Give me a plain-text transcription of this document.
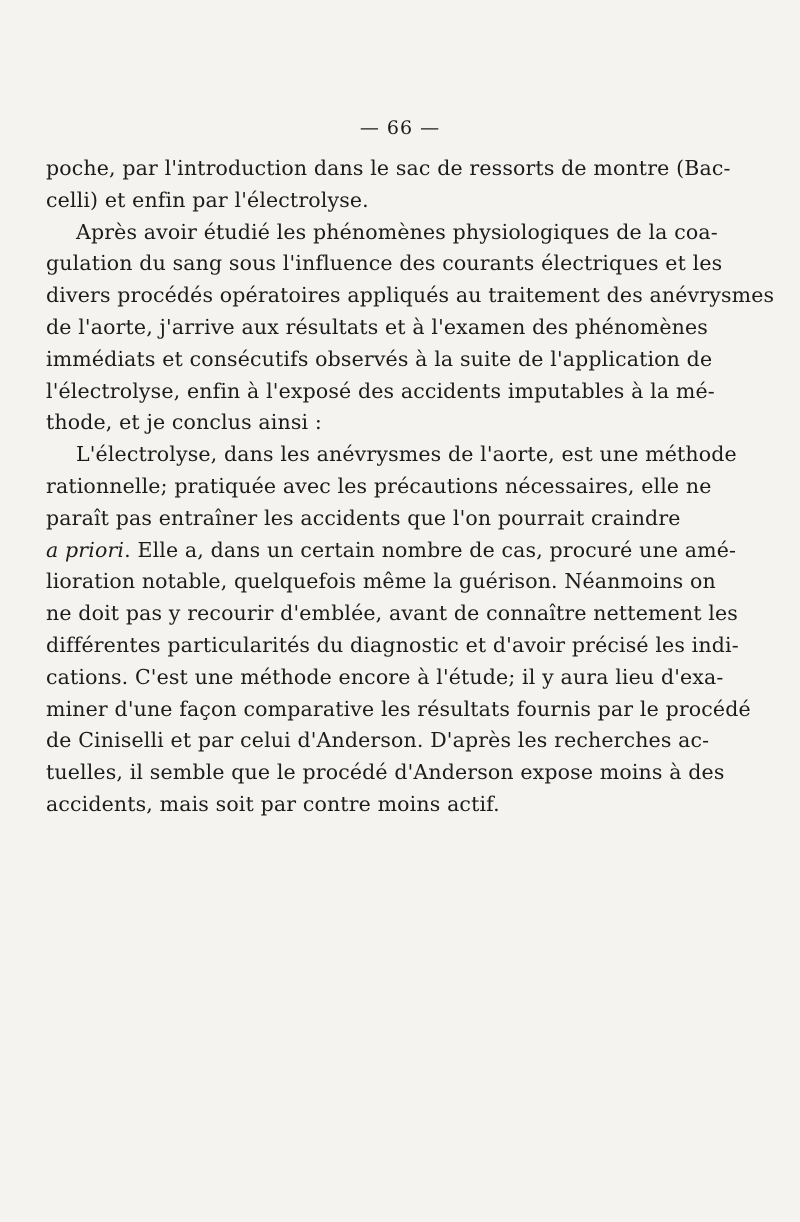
— 66 —
poche, par l'introduction dans le sac de ressorts de montre (Bac-
celli) et enfin par l'électrolyse.
Après avoir étudié les phénomènes physiologiques de la coa-
gulation du sang sous l'influence des courants électriques et les
divers procédés opératoires appliqués au traitement des anévrysmes
de l'aorte, j'arrive aux résultats et à l'examen des phénomènes
immédiats et consécutifs observés à la suite de l'application de
l'électrolyse, enfin à l'exposé des accidents imputables à la mé-
thode, et je conclus ainsi :
L'électrolyse, dans les anévrysmes de l'aorte, est une méthode
rationnelle; pratiquée avec les précautions nécessaires, elle ne
paraît pas entraîner les accidents que l'on pourrait craindre
a priori. Elle a, dans un certain nombre de cas, procuré une amé-
lioration notable, quelquefois même la guérison. Néanmoins on
ne doit pas y recourir d'emblée, avant de connaître nettement les
différentes particularités du diagnostic et d'avoir précisé les indi-
cations. C'est une méthode encore à l'étude; il y aura lieu d'exa-
miner d'une façon comparative les résultats fournis par le procédé
de Ciniselli et par celui d'Anderson. D'après les recherches ac-
tuelles, il semble que le procédé d'Anderson expose moins à des
accidents, mais soit par contre moins actif.
